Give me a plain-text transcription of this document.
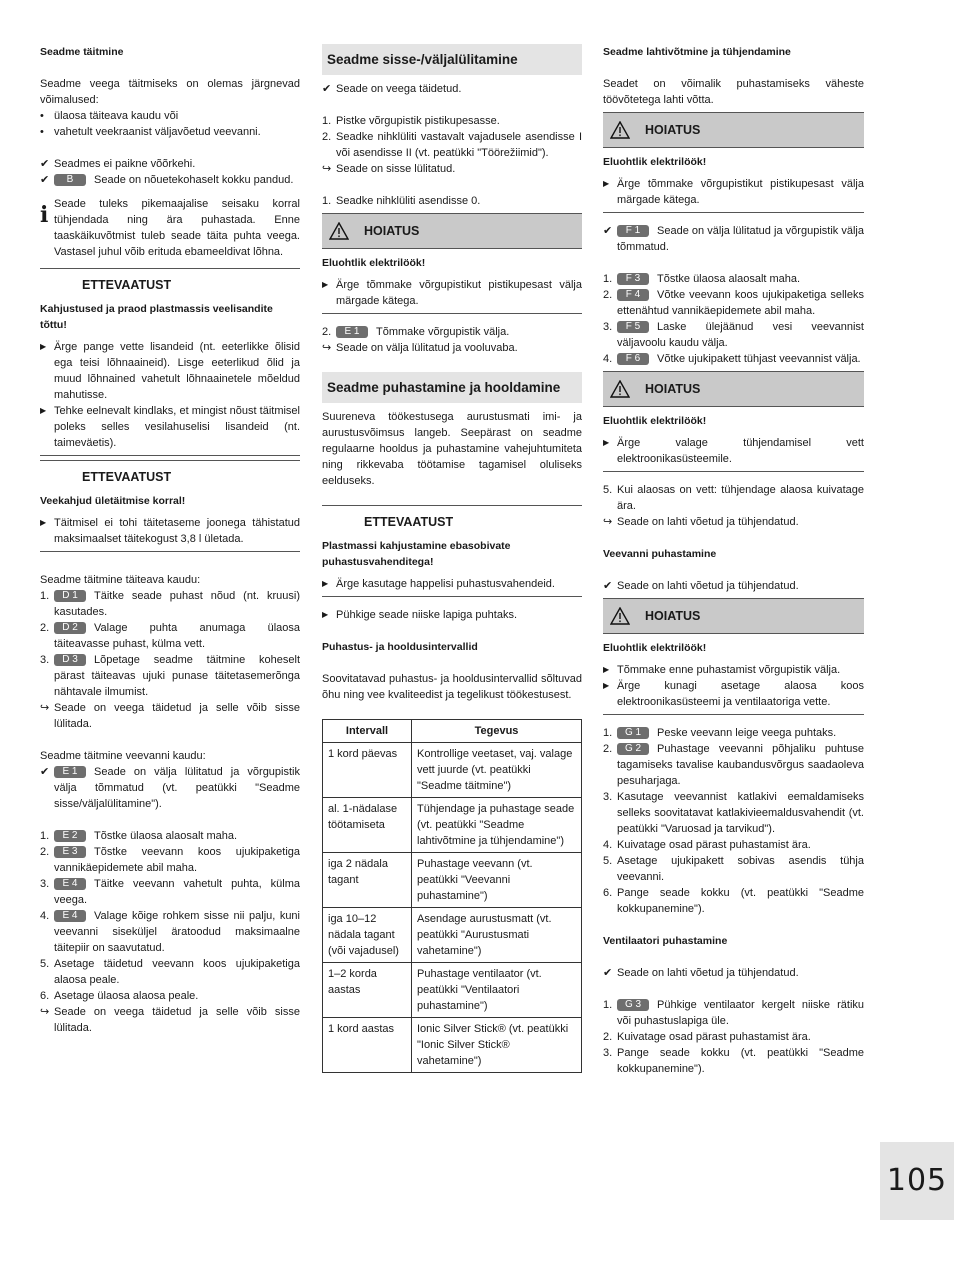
Seadme täitmine
Seadme veega täitmiseks on olemas järgnevad võimalused:
• ülaosa täiteava kaudu või
• vahetult veekraanist väljavõetud veevanni.
✔ Seadmes ei paikne võõrkehi.
✔	B Seade on nõuetekohaselt kokku pandud.
i Seade tuleks pikemaajalise seisaku korral tühjendada ning ära puhastada. Enne taaskäikuvõtmist tuleb seade täita puhta veega. Vastasel juhul võib erituda ebameeldivat lõhna.
ETTEVAATUST
Kahjustused ja praod plastmassis veelisandite tõttu!
▶ Ärge pange vette lisandeid (nt. eeterlikke õlisid ega teisi lõhnaaineid). Lisge eeterlikud õlid ja muud lõhnained vahetult lõhnaainetele mõeldud mahutisse.
▶ Tehke eelnevalt kindlaks, et mingist nõust täitmisel poleks selles vesilahuselisi lisandeid (nt. taimeväetis).
ETTEVAATUST
Veekahjud ületäitmise korral!
▶ Täitmisel ei tohi täitetaseme joonega tähistatud maksimaalset täitekogust 3,8 l ületada.
Seadme täitmine täiteava kaudu:
1.	D 1 Täitke seade puhast nõud (nt. kruusi) kasutades.
2.	D 2 Valage puhta anumaga ülaosa täiteavasse puhast, külma vett.
3.	D 3 Lõpetage seadme täitmine koheselt pärast täiteavas ujuki punase täitetasemerõnga nähtavale ilmumist.
↪ Seade on veega täidetud ja selle võib sisse lülitada.
Seadme täitmine veevanni kaudu:
✔	E 1 Seade on välja lülitatud ja võrgupistik välja tõmmatud (vt. peatükki "Seadme sisse/väljalülitamine").
1.	E 2 Tõstke ülaosa alaosalt maha.
2.	E 3 Tõstke veevann koos ujukipaketiga vannikäepidemete abil maha.
3.	E 4 Täitke veevann vahetult puhta, külma veega.
4.	E 4 Valage kõige rohkem sisse nii palju, kuni veevanni siseküljel äratoodud maksimaalne täitepiir on saavutatud.
5. Asetage täidetud veevann koos ujukipaketiga alaosa peale.
6. Asetage ülaosa alaosa peale.
↪ Seade on veega täidetud ja selle võib sisse lülitada.
Seadme sisse-/väljalülitamine
✔ Seade on veega täidetud.
1. Pistke võrgupistik pistikupesasse.
2. Seadke nihklüliti vastavalt vajadusele asendisse I või asendisse II (vt. peatükki "Töörežiimid").
↪ Seade on sisse lülitatud.
1. Seadke nihklüliti asendisse 0.
HOIATUS
Eluohtlik elektrilöök!
▶ Ärge tõmmake võrgupistikut pistikupesast välja märgade kätega.
2.	E 1 Tõmmake võrgupistik välja.
↪ Seade on välja lülitatud ja vooluvaba.
Seadme puhastamine ja hooldamine
Suureneva töökestusega aurustusmati imi- ja aurustusvõimsus langeb. Seepärast on seadme regulaarne hooldus ja puhastamine vahejuhtumiteta ning rikkevaba töötamise tagamisel oluliseks eelduseks.
ETTEVAATUST
Plastmassi kahjustamine ebasobivate puhastusvahenditega!
▶ Ärge kasutage happelisi puhastusvahendeid.
▶ Pühkige seade niiske lapiga puhtaks.
Puhastus- ja hooldusintervallid
Soovitatavad puhastus- ja hooldusintervallid sõltuvad õhu ning vee kvaliteedist ja tegelikust töökestusest.
Intervall	Tegevus
1 kord päevas	Kontrollige veetaset, vaj. valage vett juurde (vt. peatükki "Seadme täitmine")
al. 1-nädalase töötamiseta	Tühjendage ja puhastage seade (vt. peatükki "Seadme lahtivõtmine ja tühjendamine")
iga 2 nädala tagant	Puhastage veevann (vt. peatükki "Veevanni puhastamine")
iga 10–12 nädala tagant (või vajadusel)	Asendage aurustusmatt (vt. peatükki "Aurustusmati vahetamine")
1–2 korda aastas	Puhastage ventilaator (vt. peatükki "Ventilaatori puhastamine")
1 kord aastas	Ionic Silver Stick® (vt. peatükki "Ionic Silver Stick® vahetamine")
Seadme lahtivõtmine ja tühjendamine
Seadet on võimalik puhastamiseks väheste töövõtetega lahti võtta.
HOIATUS
Eluohtlik elektrilöök!
▶ Ärge tõmmake võrgupistikut pistikupesast välja märgade kätega.
✔	F 1 Seade on välja lülitatud ja võrgupistik välja tõmmatud.
1.	F 3 Tõstke ülaosa alaosalt maha.
2.	F 4 Võtke veevann koos ujukipaketiga selleks ettenähtud vannikäepidemete abil maha.
3.	F 5 Laske ülejäänud vesi veevannist väljavoolu kaudu välja.
4.	F 6 Võtke ujukipakett tühjast veevannist välja.
HOIATUS
Eluohtlik elektrilöök!
▶ Ärge valage tühjendamisel vett elektroonikasüsteemile.
5. Kui alaosas on vett: tühjendage alaosa kuivatage ära.
↪ Seade on lahti võetud ja tühjendatud.
Veevanni puhastamine
✔ Seade on lahti võetud ja tühjendatud.
HOIATUS
Eluohtlik elektrilöök!
▶ Tõmmake enne puhastamist võrgupistik välja.
▶ Ärge kunagi asetage alaosa koos elektroonikasüsteemi ja ventilaatoriga vette.
1.	G 1 Peske veevann leige veega puhtaks.
2.	G 2 Puhastage veevanni põhjaliku puhtuse tagamiseks tavalise kaubandusvõrgus saadaoleva pesuharjaga.
3. Kasutage veevannist katlakivi eemaldamiseks selleks soovitatavat katlakivieemaldusvahendit (vt. peatükki "Varuosad ja tarvikud").
4. Kuivatage osad pärast puhastamist ära.
5. Asetage ujukipakett sobivas asendis tühja veevanni.
6. Pange seade kokku (vt. peatükki "Seadme kokkupanemine").
Ventilaatori puhastamine
✔ Seade on lahti võetud ja tühjendatud.
1.	G 3 Pühkige ventilaator kergelt niiske rätiku või puhastuslapiga üle.
2. Kuivatage osad pärast puhastamist ära.
3. Pange seade kokku (vt. peatükki "Seadme kokkupanemine").
105
